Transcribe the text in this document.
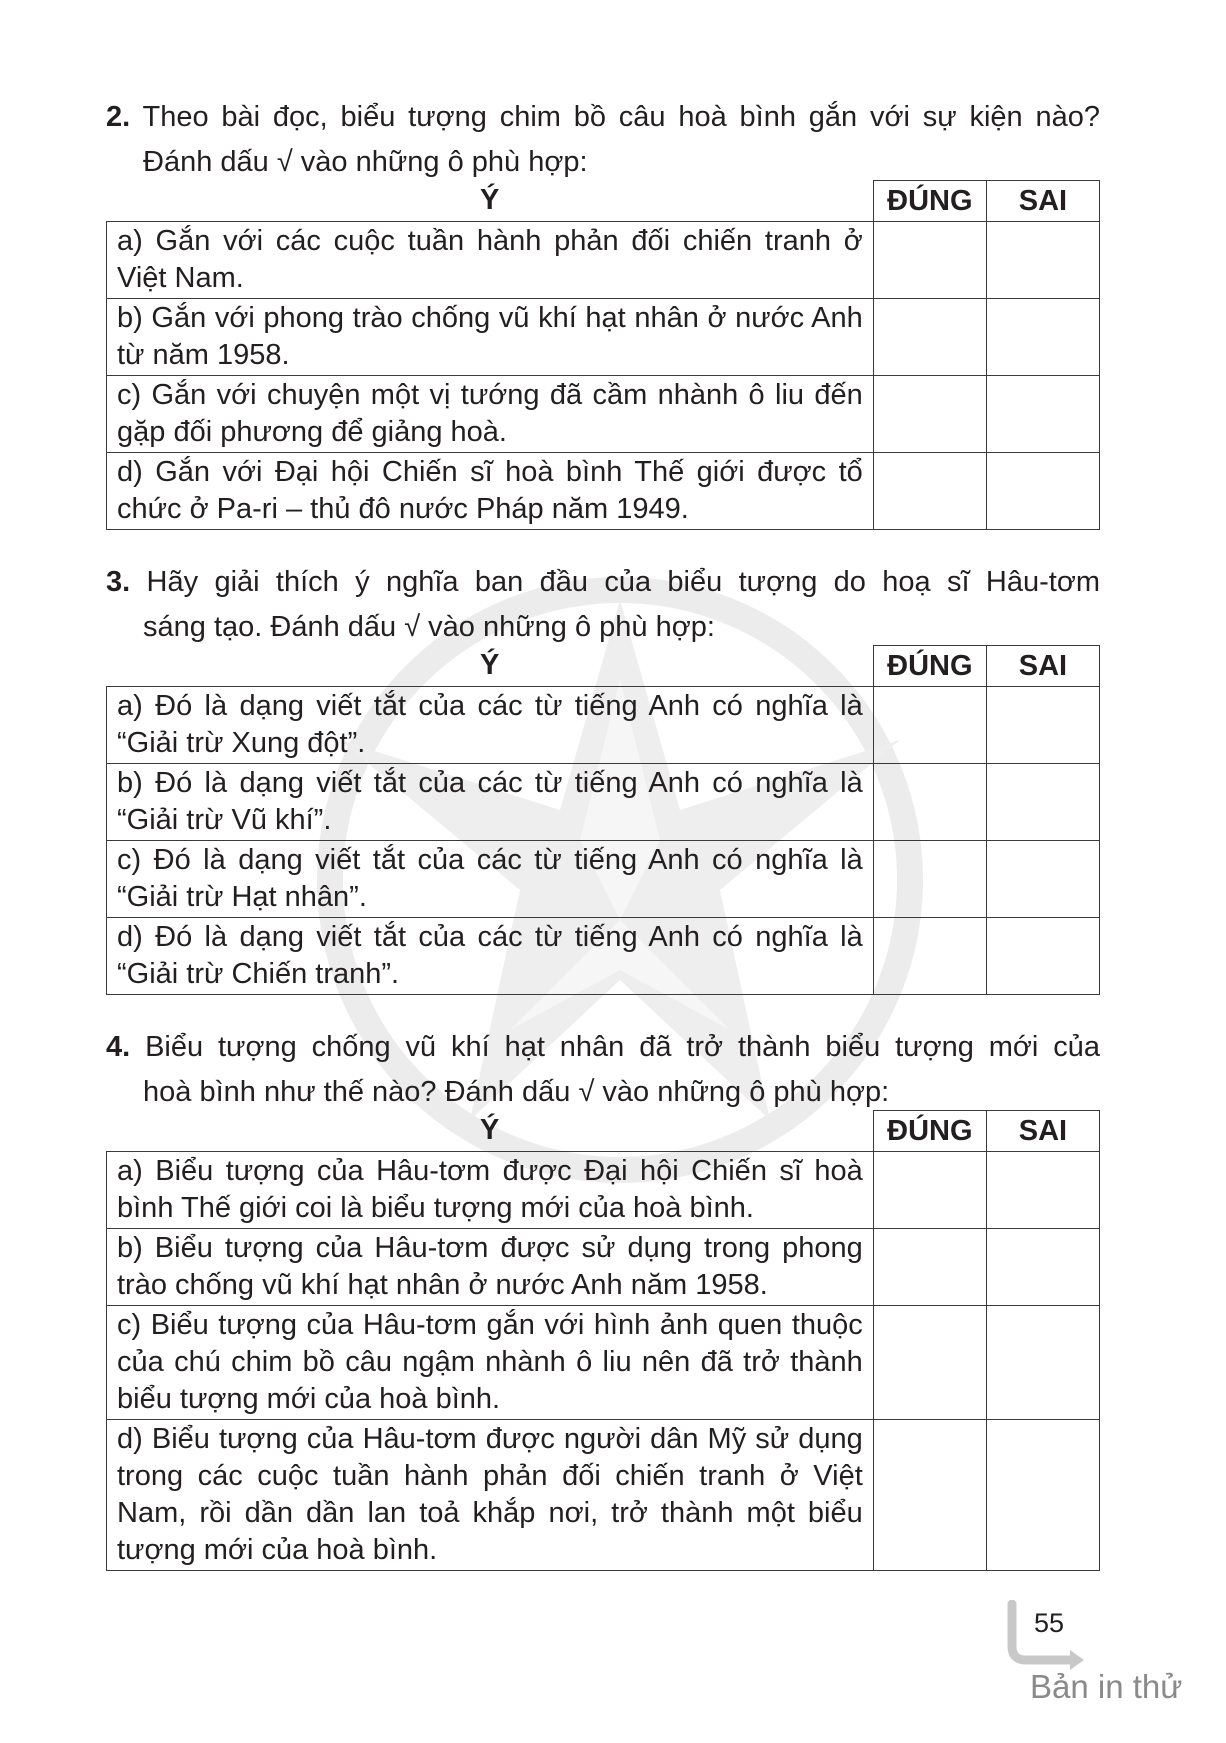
2. Theo bài đọc, biểu tượng chim bồ câu hoà bình gắn với sự kiện nào?
Đánh dấu √ vào những ô phù hợp:
Ý	ĐÚNG	SAI
a) Gắn với các cuộc tuần hành phản đối chiến tranh ở Việt Nam.		
b) Gắn với phong trào chống vũ khí hạt nhân ở nước Anh từ năm 1958.		
c) Gắn với chuyện một vị tướng đã cầm nhành ô liu đến gặp đối phương để giảng hoà.		
d) Gắn với Đại hội Chiến sĩ hoà bình Thế giới được tổ chức ở Pa-ri – thủ đô nước Pháp năm 1949.		
3. Hãy giải thích ý nghĩa ban đầu của biểu tượng do hoạ sĩ Hâu-tơm
sáng tạo. Đánh dấu √ vào những ô phù hợp:
Ý	ĐÚNG	SAI
a) Đó là dạng viết tắt của các từ tiếng Anh có nghĩa là “Giải trừ Xung đột”.		
b) Đó là dạng viết tắt của các từ tiếng Anh có nghĩa là “Giải trừ Vũ khí”.		
c) Đó là dạng viết tắt của các từ tiếng Anh có nghĩa là “Giải trừ Hạt nhân”.		
d) Đó là dạng viết tắt của các từ tiếng Anh có nghĩa là “Giải trừ Chiến tranh”.		
4. Biểu tượng chống vũ khí hạt nhân đã trở thành biểu tượng mới của
hoà bình như thế nào? Đánh dấu √ vào những ô phù hợp:
Ý	ĐÚNG	SAI
a) Biểu tượng của Hâu-tơm được Đại hội Chiến sĩ hoà bình Thế giới coi là biểu tượng mới của hoà bình.		
b) Biểu tượng của Hâu-tơm được sử dụng trong phong trào chống vũ khí hạt nhân ở nước Anh năm 1958.		
c) Biểu tượng của Hâu-tơm gắn với hình ảnh quen thuộc của chú chim bồ câu ngậm nhành ô liu nên đã trở thành biểu tượng mới của hoà bình.		
d) Biểu tượng của Hâu-tơm được người dân Mỹ sử dụng trong các cuộc tuần hành phản đối chiến tranh ở Việt Nam, rồi dần dần lan toả khắp nơi, trở thành một biểu tượng mới của hoà bình.		
55
Bản in thử
